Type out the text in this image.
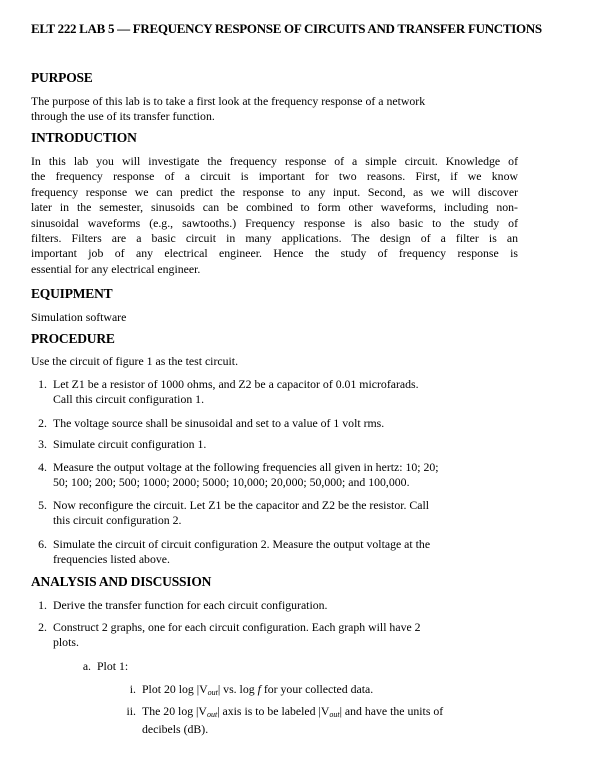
ELT 222 LAB 5 — FREQUENCY RESPONSE OF CIRCUITS AND TRANSFER FUNCTIONS
PURPOSE
The purpose of this lab is to take a first look at the frequency response of a network
through the use of its transfer function.
INTRODUCTION
In this lab you will investigate the frequency response of a simple circuit. Knowledge of
the frequency response of a circuit is important for two reasons. First, if we know
frequency response we can predict the response to any input. Second, as we will discover
later in the semester, sinusoids can be combined to form other waveforms, including non-
sinusoidal waveforms (e.g., sawtooths.) Frequency response is also basic to the study of
filters. Filters are a basic circuit in many applications. The design of a filter is an
important job of any electrical engineer. Hence the study of frequency response is
essential for any electrical engineer.
EQUIPMENT
Simulation software
PROCEDURE
Use the circuit of figure 1 as the test circuit.
1. Let Z1 be a resistor of 1000 ohms, and Z2 be a capacitor of 0.01 microfarads.
Call this circuit configuration 1.
2. The voltage source shall be sinusoidal and set to a value of 1 volt rms.
3. Simulate circuit configuration 1.
4. Measure the output voltage at the following frequencies all given in hertz: 10; 20;
50; 100; 200; 500; 1000; 2000; 5000; 10,000; 20,000; 50,000; and 100,000.
5. Now reconfigure the circuit. Let Z1 be the capacitor and Z2 be the resistor. Call
this circuit configuration 2.
6. Simulate the circuit of circuit configuration 2. Measure the output voltage at the
frequencies listed above.
ANALYSIS AND DISCUSSION
1. Derive the transfer function for each circuit configuration.
2. Construct 2 graphs, one for each circuit configuration. Each graph will have 2
plots.
a. Plot 1:
i. Plot 20 log |Vout| vs. log f for your collected data.
ii. The 20 log |Vout| axis is to be labeled |Vout| and have the units of
decibels (dB).
